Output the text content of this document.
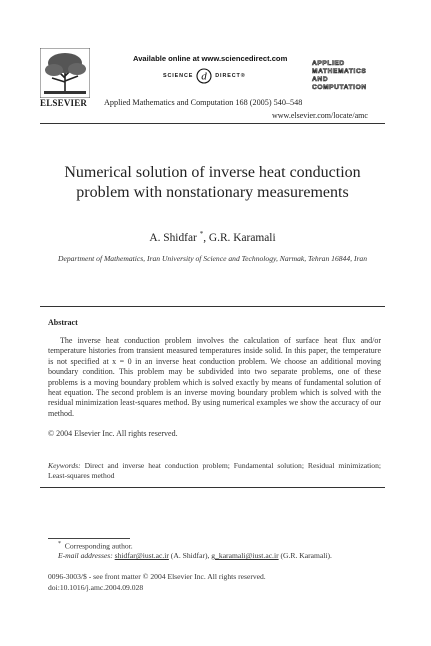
ELSEVIER
Available online at www.sciencedirect.com
SCIENCE d DIRECT®
Applied Mathematics and Computation 168 (2005) 540–548
APPLIED
MATHEMATICS
AND
COMPUTATION
www.elsevier.com/locate/amc
Numerical solution of inverse heat conduction problem with nonstationary measurements
A. Shidfar *, G.R. Karamali
Department of Mathematics, Iran University of Science and Technology, Narmak, Tehran 16844, Iran
Abstract
The inverse heat conduction problem involves the calculation of surface heat flux and/or temperature histories from transient measured temperatures inside solid. In this paper, the temperature is not specified at x = 0 in an inverse heat conduction problem. We choose an additional moving boundary condition. This problem may be subdivided into two separate problems, one of these problems is a moving boundary problem which is solved exactly by means of fundamental solution of heat equation. The second problem is an inverse moving boundary problem which is solved with the residual minimization least-squares method. By using numerical examples we show the accuracy of our method.
© 2004 Elsevier Inc. All rights reserved.
Keywords: Direct and inverse heat conduction problem; Fundamental solution; Residual minimization; Least-squares method
* Corresponding author.
E-mail addresses: shidfar@iust.ac.ir (A. Shidfar), g_karamali@iust.ac.ir (G.R. Karamali).
0096-3003/$ - see front matter © 2004 Elsevier Inc. All rights reserved.
doi:10.1016/j.amc.2004.09.028
